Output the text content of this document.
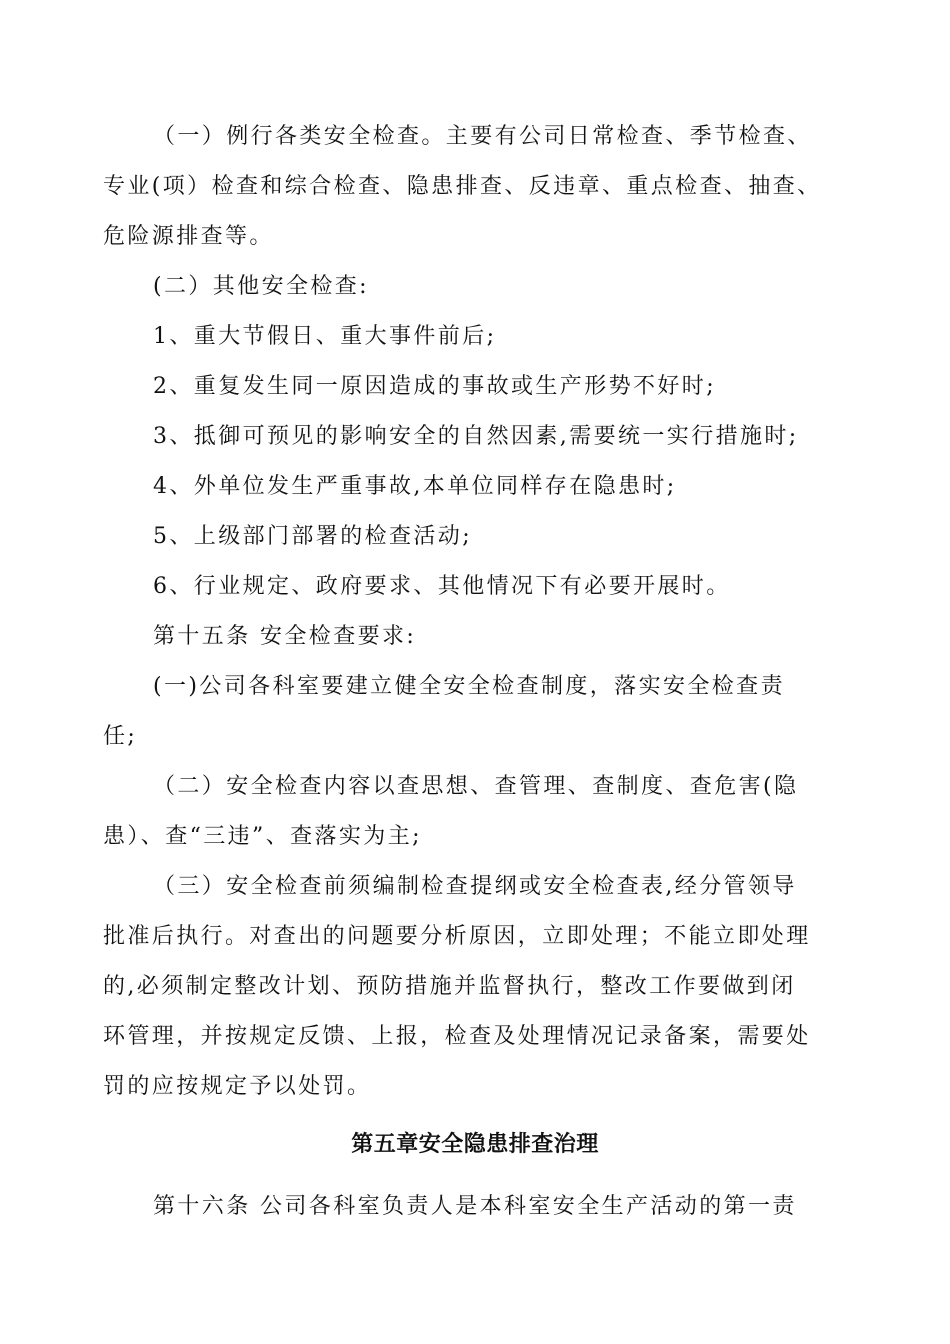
（一）例行各类安全检查。主要有公司日常检查、季节检查、
专业(项）检查和综合检查、隐患排查、反违章、重点检查、抽查、
危险源排查等。
(二）其他安全检查:
1、重大节假日、重大事件前后;
2、重复发生同一原因造成的事故或生产形势不好时;
3、抵御可预见的影响安全的自然因素,需要统一实行措施时;
4、外单位发生严重事故,本单位同样存在隐患时;
5、上级部门部署的检查活动;
6、行业规定、政府要求、其他情况下有必要开展时。
第十五条 安全检查要求:
(一)公司各科室要建立健全安全检查制度，落实安全检查责
任;
（二）安全检查内容以查思想、查管理、查制度、查危害(隐
患）、查“三违”、查落实为主;
（三）安全检查前须编制检查提纲或安全检查表,经分管领导
批准后执行。对查出的问题要分析原因，立即处理；不能立即处理
的,必须制定整改计划、预防措施并监督执行，整改工作要做到闭
环管理，并按规定反馈、上报，检查及处理情况记录备案，需要处
罚的应按规定予以处罚。
第五章安全隐患排查治理
第十六条 公司各科室负责人是本科室安全生产活动的第一责
